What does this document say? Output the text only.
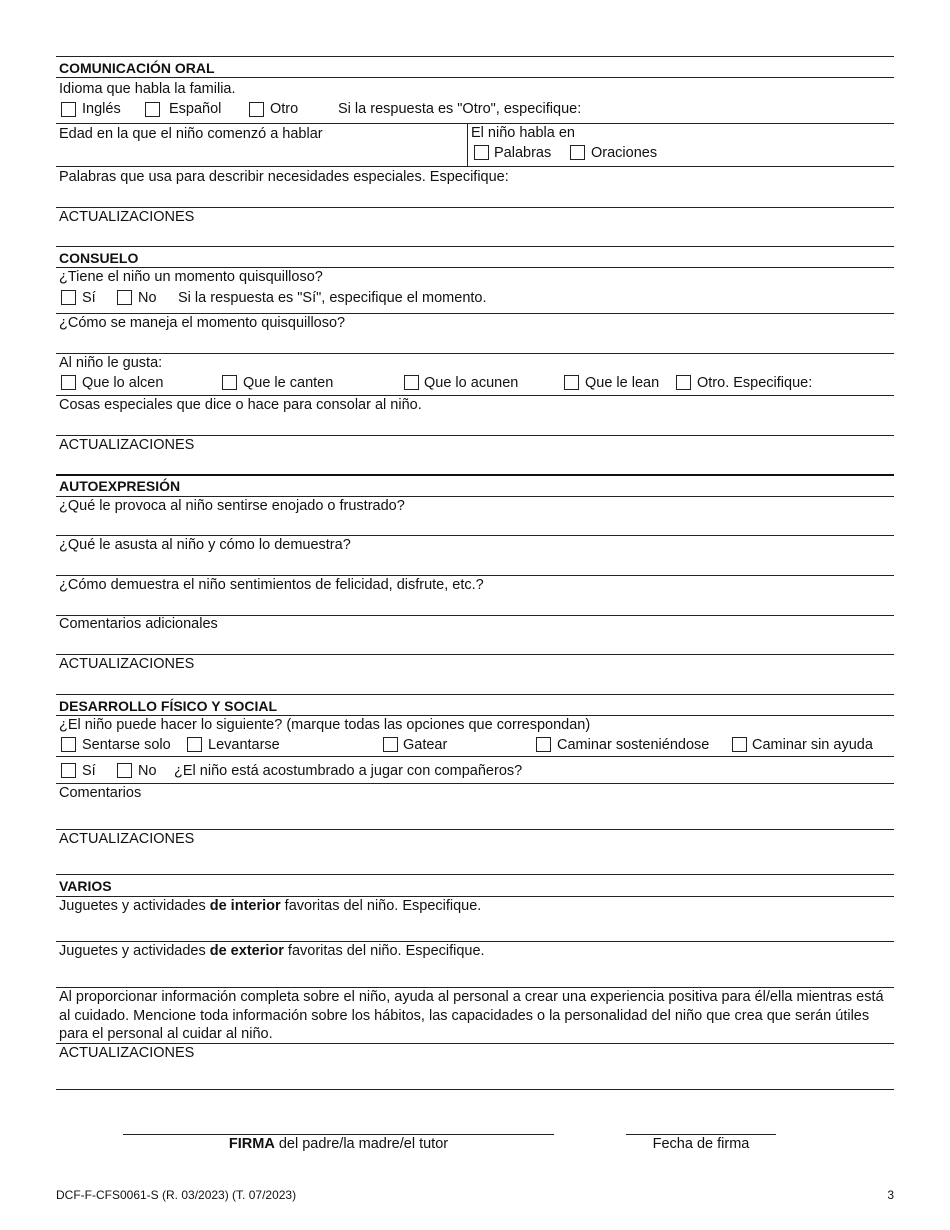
COMUNICACIÓN ORAL
Idioma que habla la familia.
Inglés	Español	Otro	Si la respuesta es "Otro", especifique:
Edad en la que el niño comenzó a hablar	El niño habla en
Palabras	Oraciones
Palabras que usa para describir necesidades especiales. Especifique:
ACTUALIZACIONES
CONSUELO
¿Tiene el niño un momento quisquilloso?
Sí	No Si la respuesta es "Sí", especifique el momento.
¿Cómo se maneja el momento quisquilloso?
Al niño le gusta:
Que lo alcen	Que le canten	Que lo acunen	Que le lean	Otro. Especifique:
Cosas especiales que dice o hace para consolar al niño.
ACTUALIZACIONES
AUTOEXPRESIÓN
¿Qué le provoca al niño sentirse enojado o frustrado?
¿Qué le asusta al niño y cómo lo demuestra?
¿Cómo demuestra el niño sentimientos de felicidad, disfrute, etc.?
Comentarios adicionales
ACTUALIZACIONES
DESARROLLO FÍSICO Y SOCIAL
¿El niño puede hacer lo siguiente? (marque todas las opciones que correspondan)
Sentarse solo	Levantarse	Gatear	Caminar sosteniéndose	Caminar sin ayuda
Sí	No ¿El niño está acostumbrado a jugar con compañeros?
Comentarios
ACTUALIZACIONES
VARIOS
Juguetes y actividades de interior favoritas del niño. Especifique.
Juguetes y actividades de exterior favoritas del niño. Especifique.
Al proporcionar información completa sobre el niño, ayuda al personal a crear una experiencia positiva para él/ella mientras está al cuidado. Mencione toda información sobre los hábitos, las capacidades o la personalidad del niño que crea que serán útiles para el personal al cuidar al niño.
ACTUALIZACIONES
FIRMA del padre/la madre/el tutor	Fecha de firma
DCF-F-CFS0061-S (R. 03/2023) (T. 07/2023)	3
